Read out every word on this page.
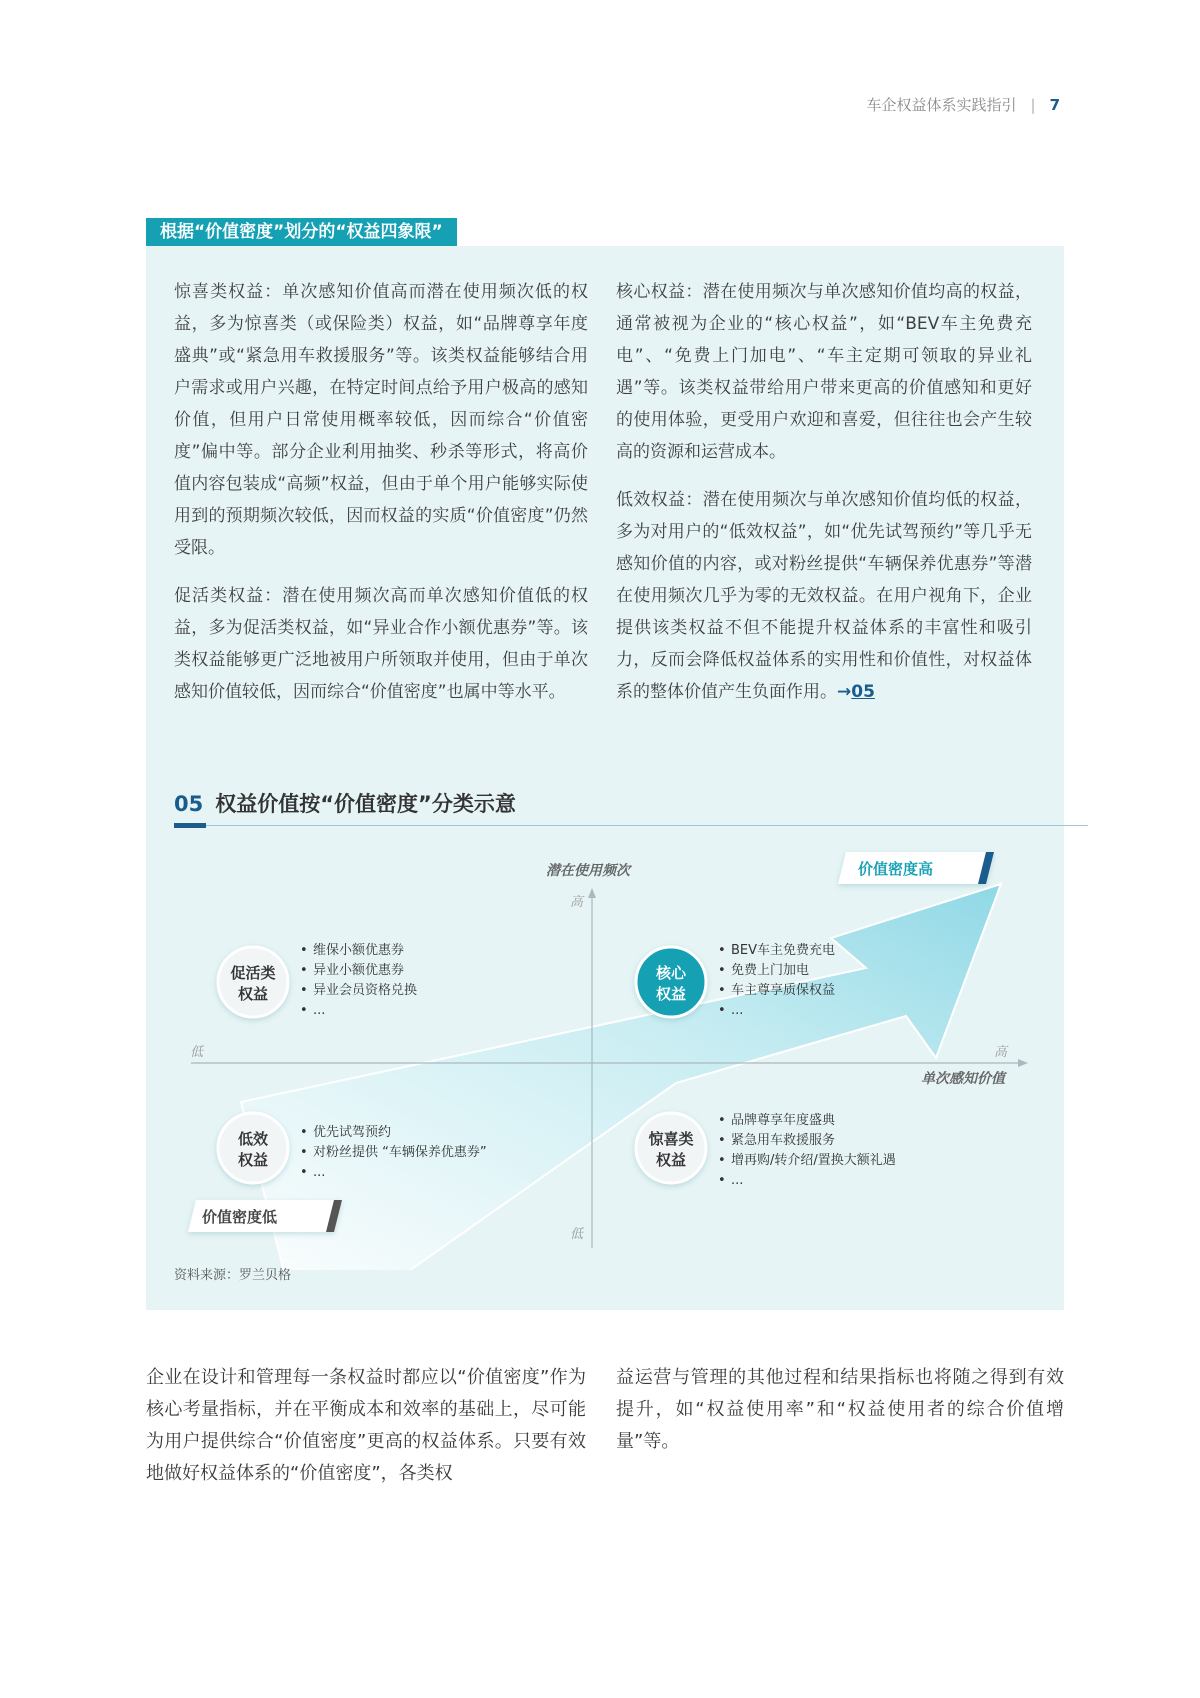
车企权益体系实践指引 | 7
根据“价值密度”划分的“权益四象限”

惊喜类权益：单次感知价值高而潜在使用频次低的权益，多为惊喜类（或保险类）权益，如“品牌尊享年度盛典”或“紧急用车救援服务”等。该类权益能够结合用户需求或用户兴趣，在特定时间点给予用户极高的感知价值，但用户日常使用概率较低，因而综合“价值密度”偏中等。部分企业利用抽奖、秒杀等形式，将高价值内容包装成“高频”权益，但由于单个用户能够实际使用到的预期频次较低，因而权益的实质“价值密度”仍然受限。

促活类权益：潜在使用频次高而单次感知价值低的权益，多为促活类权益，如“异业合作小额优惠券”等。该类权益能够更广泛地被用户所领取并使用，但由于单次感知价值较低，因而综合“价值密度”也属中等水平。

核心权益：潜在使用频次与单次感知价值均高的权益，通常被视为企业的“核心权益”，如“BEV车主免费充电”、“免费上门加电”、“车主定期可领取的异业礼遇”等。该类权益带给用户带来更高的价值感知和更好的使用体验，更受用户欢迎和喜爱，但往往也会产生较高的资源和运营成本。

低效权益：潜在使用频次与单次感知价值均低的权益，多为对用户的“低效权益”，如“优先试驾预约”等几乎无感知价值的内容，或对粉丝提供“车辆保养优惠券”等潜在使用频次几乎为零的无效权益。在用户视角下，企业提供该类权益不但不能提升权益体系的丰富性和吸引力，反而会降低权益体系的实用性和价值性，对权益体系的整体价值产生负面作用。→05

05 权益价值按“价值密度”分类示意
潜在使用频次
高
低
低	高
单次感知价值
价值密度高
价值密度低
促活类
权益
• 维保小额优惠券
• 异业小额优惠券
• 异业会员资格兑换
• ...
核心
权益
• BEV车主免费充电
• 免费上门加电
• 车主尊享质保权益
• ...
低效
权益
• 优先试驾预约
• 对粉丝提供 “车辆保养优惠券”
• ...
惊喜类
权益
• 品牌尊享年度盛典
• 紧急用车救援服务
• 增再购/转介绍/置换大额礼遇
• ...
资料来源：罗兰贝格

企业在设计和管理每一条权益时都应以“价值密度”作为核心考量指标，并在平衡成本和效率的基础上，尽可能为用户提供综合“价值密度”更高的权益体系。只要有效地做好权益体系的“价值密度”，各类权

益运营与管理的其他过程和结果指标也将随之得到有效提升，如“权益使用率”和“权益使用者的综合价值增量”等。
